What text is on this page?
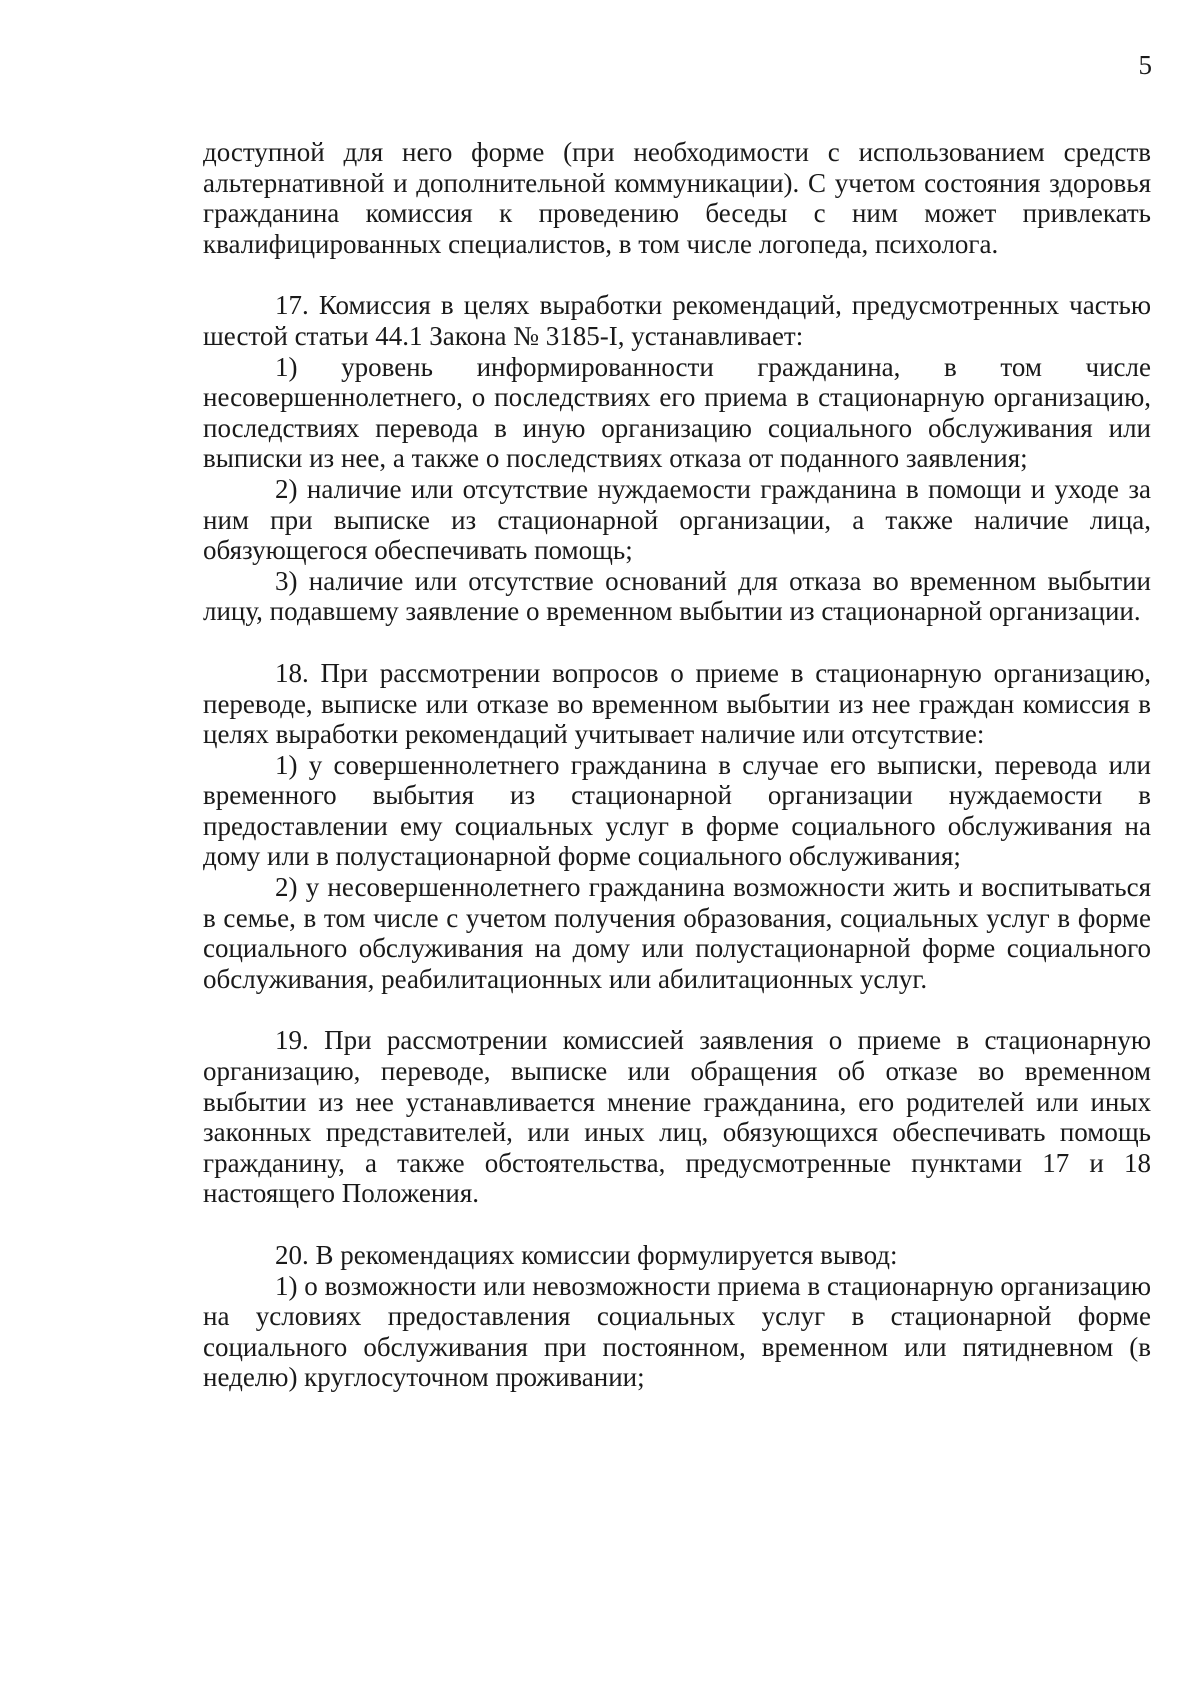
5

доступной для него форме (при необходимости с использованием средств альтернативной и дополнительной коммуникации). С учетом состояния здоровья гражданина комиссия к проведению беседы с ним может привлекать квалифицированных специалистов, в том числе логопеда, психолога.

17. Комиссия в целях выработки рекомендаций, предусмотренных частью шестой статьи 44.1 Закона № 3185-I, устанавливает:

1) уровень информированности гражданина, в том числе несовершеннолетнего, о последствиях его приема в стационарную организацию, последствиях перевода в иную организацию социального обслуживания или выписки из нее, а также о последствиях отказа от поданного заявления;

2) наличие или отсутствие нуждаемости гражданина в помощи и уходе за ним при выписке из стационарной организации, а также наличие лица, обязующегося обеспечивать помощь;

3) наличие или отсутствие оснований для отказа во временном выбытии лицу, подавшему заявление о временном выбытии из стационарной организации.

18. При рассмотрении вопросов о приеме в стационарную организацию, переводе, выписке или отказе во временном выбытии из нее граждан комиссия в целях выработки рекомендаций учитывает наличие или отсутствие:

1) у совершеннолетнего гражданина в случае его выписки, перевода или временного выбытия из стационарной организации нуждаемости в предоставлении ему социальных услуг в форме социального обслуживания на дому или в полустационарной форме социального обслуживания;

2) у несовершеннолетнего гражданина возможности жить и воспитываться в семье, в том числе с учетом получения образования, социальных услуг в форме социального обслуживания на дому или полустационарной форме социального обслуживания, реабилитационных или абилитационных услуг.

19. При рассмотрении комиссией заявления о приеме в стационарную организацию, переводе, выписке или обращения об отказе во временном выбытии из нее устанавливается мнение гражданина, его родителей или иных законных представителей, или иных лиц, обязующихся обеспечивать помощь гражданину, а также обстоятельства, предусмотренные пунктами 17 и 18 настоящего Положения.

20. В рекомендациях комиссии формулируется вывод:

1) о возможности или невозможности приема в стационарную организацию на условиях предоставления социальных услуг в стационарной форме социального обслуживания при постоянном, временном или пятидневном (в неделю) круглосуточном проживании;
